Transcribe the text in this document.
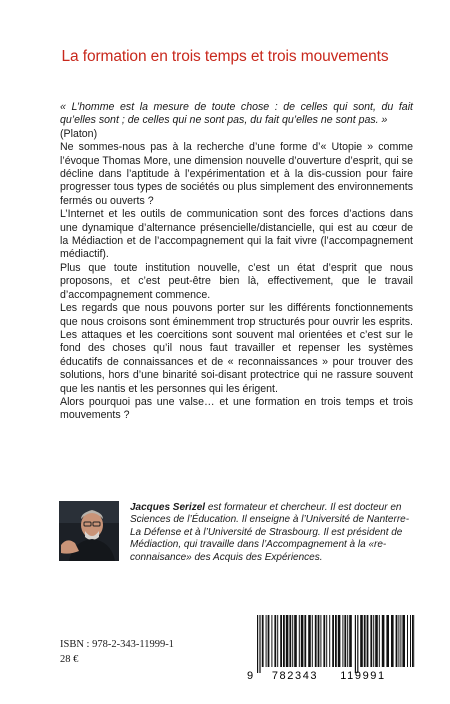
La formation en trois temps et trois mouvements

« L’homme est la mesure de toute chose : de celles qui sont, du fait qu’elles sont ; de celles qui ne sont pas, du fait qu’elles ne sont pas. »

(Platon)

Ne sommes-nous pas à la recherche d’une forme d’« Utopie » comme l’évoque Thomas More, une dimension nouvelle d’ouverture d’esprit, qui se décline dans l’aptitude à l’expérimentation et à la dis-cussion pour faire progresser tous types de sociétés ou plus simplement des environnements fermés ou ouverts ?

L’Internet et les outils de communication sont des forces d’actions dans une dynamique d’alternance présencielle/distancielle, qui est au cœur de la Médiaction et de l’accompagnement qui la fait vivre (l’accompagnement médiactif).

Plus que toute institution nouvelle, c’est un état d’esprit que nous proposons, et c’est peut-être bien là, effectivement, que le travail d’accompagnement commence.

Les regards que nous pouvons porter sur les différents fonctionnements que nous croisons sont éminemment trop structurés pour ouvrir les esprits. Les attaques et les coercitions sont souvent mal orientées et c’est sur le fond des choses qu’il nous faut travailler et repenser les systèmes éducatifs de connaissances et de « reconnaissances » pour trouver des solutions, hors d’une binarité soi-disant protectrice qui ne rassure souvent que les nantis et les personnes qui les érigent.

Alors pourquoi pas une valse… et une formation en trois temps et trois mouvements ?

Jacques Serizel est formateur et chercheur. Il est docteur en Sciences de l’Éducation. Il enseigne à l’Université de Nanterre-La Défense et à l’Université de Strasbourg. Il est président de Médiaction, qui travaille dans l’Accompagnement à la «re-connaisance» des Acquis des Expériences.
ISBN : 978-2-343-11999-1
28 €
9 782343 119991
